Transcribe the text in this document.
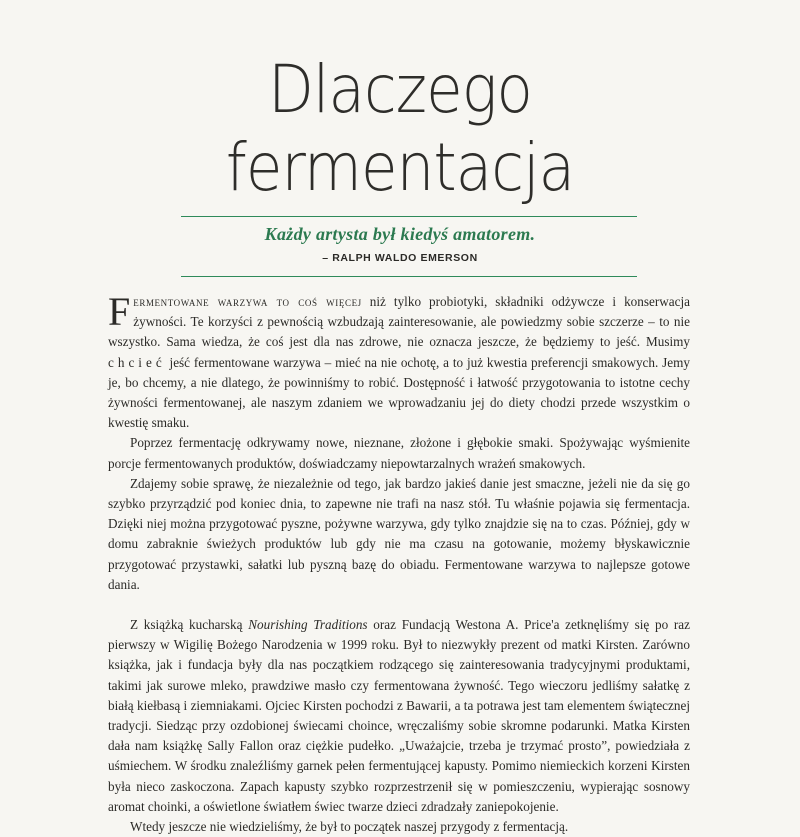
Dlaczego
fermentacja
Każdy artysta był kiedyś amatorem.
– RALPH WALDO EMERSON

Fermentowane warzywa to coś więcej niż tylko probiotyki, składniki odżywcze i konserwacja żywności. Te korzyści z pewnością wzbudzają zainteresowanie, ale powiedzmy sobie szczerze – to nie wszystko. Sama wiedza, że coś jest dla nas zdrowe, nie oznacza jeszcze, że będziemy to jeść. Musimy chcieć jeść fermentowane warzywa – mieć na nie ochotę, a to już kwestia preferencji smakowych. Jemy je, bo chcemy, a nie dlatego, że powinniśmy to robić. Dostępność i łatwość przygotowania to istotne cechy żywności fermentowanej, ale naszym zdaniem we wprowadzaniu jej do diety chodzi przede wszystkim o kwestię smaku.

Poprzez fermentację odkrywamy nowe, nieznane, złożone i głębokie smaki. Spożywając wyśmienite porcje fermentowanych produktów, doświadczamy niepowtarzalnych wrażeń smakowych.

Zdajemy sobie sprawę, że niezależnie od tego, jak bardzo jakieś danie jest smaczne, jeżeli nie da się go szybko przyrządzić pod koniec dnia, to zapewne nie trafi na nasz stół. Tu właśnie pojawia się fermentacja. Dzięki niej można przygotować pyszne, pożywne warzywa, gdy tylko znajdzie się na to czas. Później, gdy w domu zabraknie świeżych produktów lub gdy nie ma czasu na gotowanie, możemy błyskawicznie przygotować przystawki, sałatki lub pyszną bazę do obiadu. Fermentowane warzywa to najlepsze gotowe dania.

Z książką kucharską Nourishing Traditions oraz Fundacją Westona A. Price'a zetknęliśmy się po raz pierwszy w Wigilię Bożego Narodzenia w 1999 roku. Był to niezwykły prezent od matki Kirsten. Zarówno książka, jak i fundacja były dla nas początkiem rodzącego się zainteresowania tradycyjnymi produktami, takimi jak surowe mleko, prawdziwe masło czy fermentowana żywność. Tego wieczoru jedliśmy sałatkę z białą kiełbasą i ziemniakami. Ojciec Kirsten pochodzi z Bawarii, a ta potrawa jest tam elementem świątecznej tradycji. Siedząc przy ozdobionej świecami choince, wręczaliśmy sobie skromne podarunki. Matka Kirsten dała nam książkę Sally Fallon oraz ciężkie pudełko. „Uważajcie, trzeba je trzymać prosto”, powiedziała z uśmiechem. W środku znaleźliśmy garnek pełen fermentującej kapusty. Pomimo niemieckich korzeni Kirsten była nieco zaskoczona. Zapach kapusty szybko rozprzestrzenił się w pomieszczeniu, wypierając sosnowy aromat choinki, a oświetlone światłem świec twarze dzieci zdradzały zaniepokojenie.

Wtedy jeszcze nie wiedzieliśmy, że był to początek naszej przygody z fermentacją.
